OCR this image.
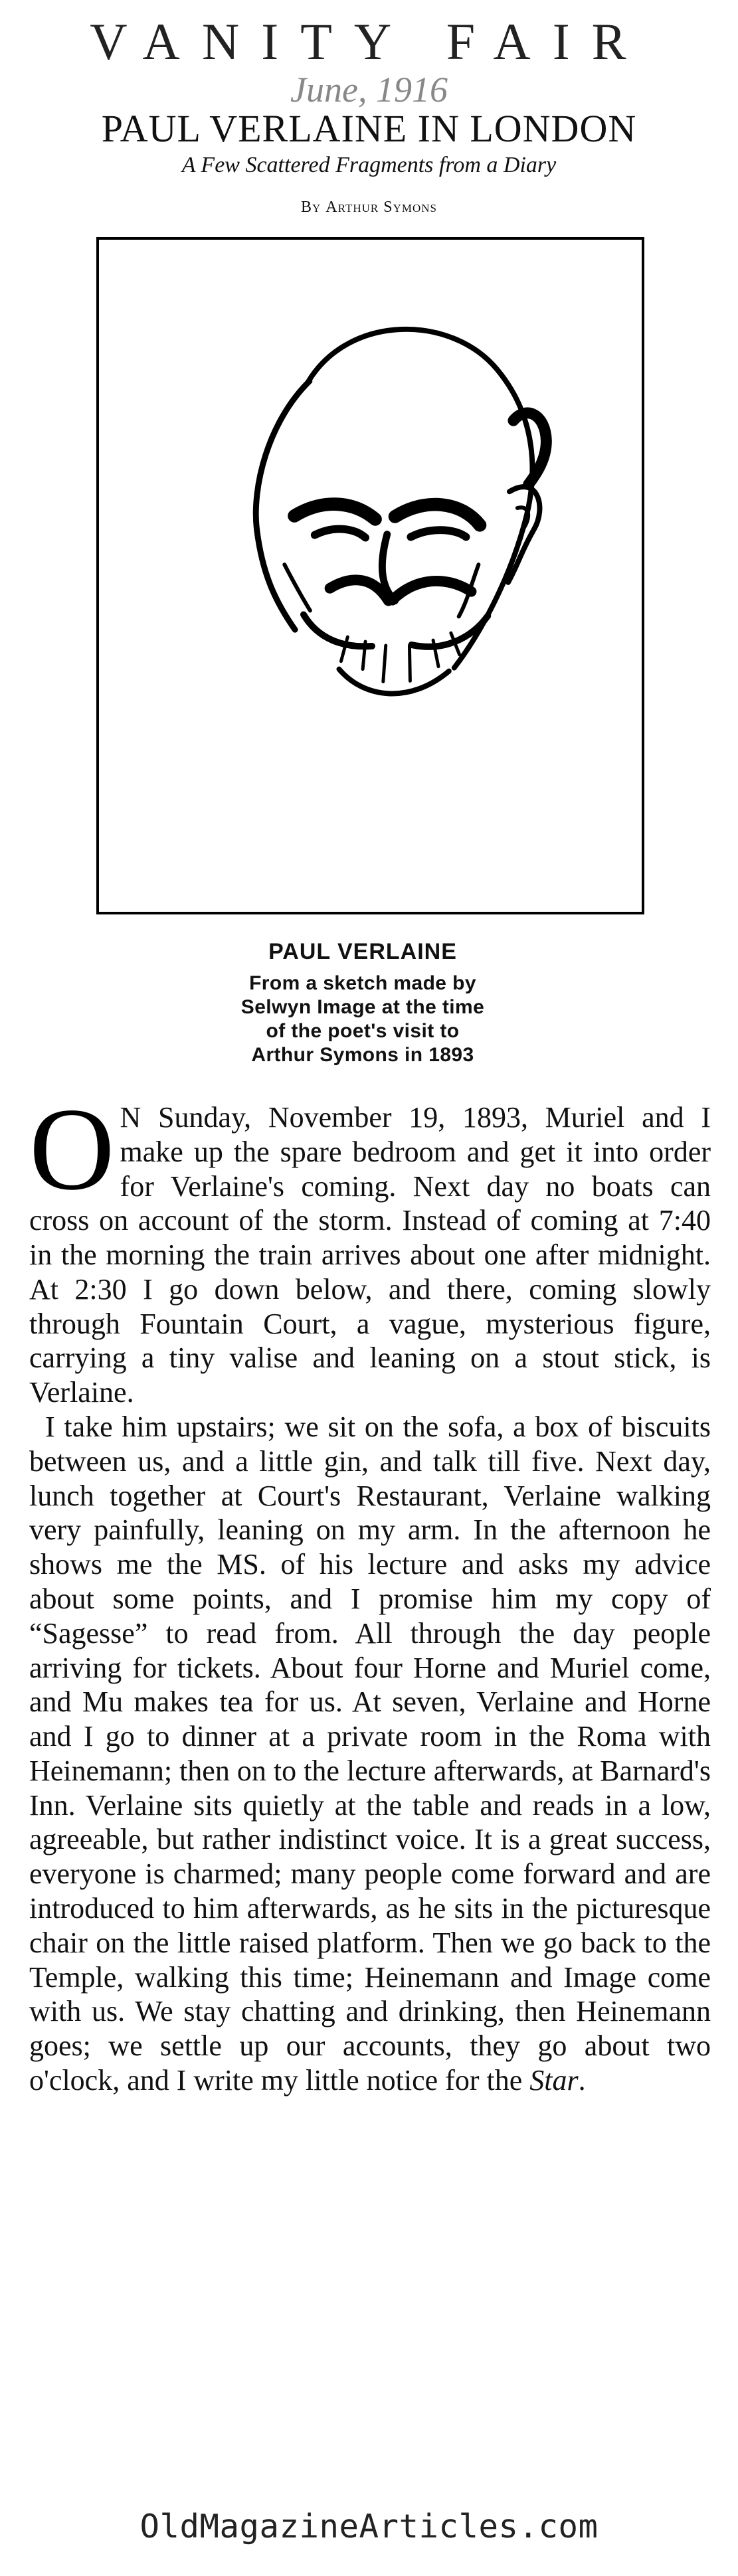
VANITY FAIR
June, 1916
PAUL VERLAINE IN LONDON
A Few Scattered Fragments from a Diary
By Arthur Symons
PAUL VERLAINE
From a sketch made by
Selwyn Image at the time
of the poet's visit to
Arthur Symons in 1893

O N Sunday, November 19, 1893, Muriel and I make up the spare bedroom and get it into order for Verlaine's coming. Next day no boats can cross on account of the storm. Instead of coming at 7:40 in the morning the train arrives about one after midnight. At 2:30 I go down below, and there, coming slowly through Fountain Court, a vague, mysterious figure, carrying a tiny valise and leaning on a stout stick, is Verlaine.

I take him upstairs; we sit on the sofa, a box of biscuits between us, and a little gin, and talk till five. Next day, lunch together at Court's Restaurant, Verlaine walking very painfully, leaning on my arm. In the afternoon he shows me the MS. of his lecture and asks my advice about some points, and I promise him my copy of “Sagesse” to read from. All through the day people arriving for tickets. About four Horne and Muriel come, and Mu makes tea for us. At seven, Verlaine and Horne and I go to dinner at a private room in the Roma with Heinemann; then on to the lecture afterwards, at Barnard's Inn. Verlaine sits quietly at the table and reads in a low, agreeable, but rather indistinct voice. It is a great success, everyone is charmed; many people come forward and are introduced to him afterwards, as he sits in the picturesque chair on the little raised platform. Then we go back to the Temple, walking this time; Heinemann and Image come with us. We stay chatting and drinking, then Heinemann goes; we settle up our accounts, they go about two o'clock, and I write my little notice for the Star.

OldMagazineArticles.com
